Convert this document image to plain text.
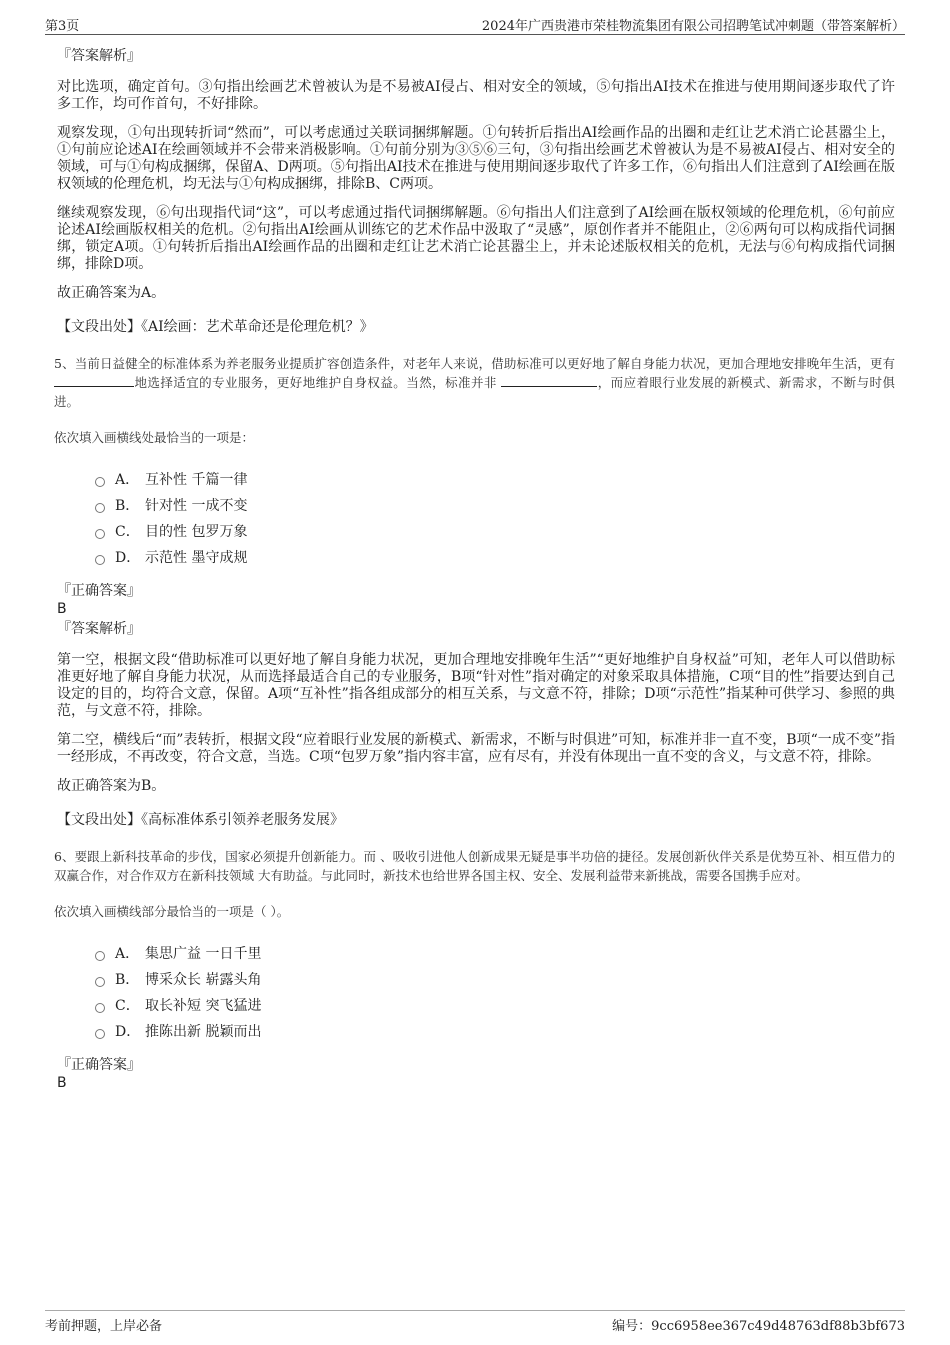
第3页	2024年广西贵港市荣桂物流集团有限公司招聘笔试冲刺题（带答案解析）

『答案解析』

对比选项，确定首句。③句指出绘画艺术曾被认为是不易被AI侵占、相对安全的领域，⑤句指出AI技术在推进与使用期间逐步取代了许多工作，均可作首句，不好排除。

观察发现，①句出现转折词“然而”，可以考虑通过关联词捆绑解题。①句转折后指出AI绘画作品的出圈和走红让艺术消亡论甚嚣尘上，①句前应论述AI在绘画领域并不会带来消极影响。①句前分别为③⑤⑥三句，③句指出绘画艺术曾被认为是不易被AI侵占、相对安全的领域，可与①句构成捆绑，保留A、D两项。⑤句指出AI技术在推进与使用期间逐步取代了许多工作，⑥句指出人们注意到了AI绘画在版权领域的伦理危机，均无法与①句构成捆绑，排除B、C两项。

继续观察发现，⑥句出现指代词“这”，可以考虑通过指代词捆绑解题。⑥句指出人们注意到了AI绘画在版权领域的伦理危机，⑥句前应论述AI绘画版权相关的危机。②句指出AI绘画从训练它的艺术作品中汲取了“灵感”，原创作者并不能阻止，②⑥两句可以构成指代词捆绑，锁定A项。①句转折后指出AI绘画作品的出圈和走红让艺术消亡论甚嚣尘上，并未论述版权相关的危机，无法与⑥句构成指代词捆绑，排除D项。

故正确答案为A。

【文段出处】《AI绘画：艺术革命还是伦理危机？》

5、当前日益健全的标准体系为养老服务业提质扩容创造条件，对老年人来说，借助标准可以更好地了解自身能力状况，更加合理地安排晚年生活，更有 地选择适宜的专业服务，更好地维护自身权益。当然，标准并非	，而应着眼行业发展的新模式、新需求，不断与时俱进。

依次填入画横线处最恰当的一项是：

A． 互补性 千篇一律
B． 针对性 一成不变
C． 目的性 包罗万象
D． 示范性 墨守成规

『正确答案』

B

『答案解析』

第一空，根据文段“借助标准可以更好地了解自身能力状况，更加合理地安排晚年生活”“更好地维护自身权益”可知，老年人可以借助标准更好地了解自身能力状况，从而选择最适合自己的专业服务，B项“针对性”指对确定的对象采取具体措施，C项“目的性”指要达到自己设定的目的，均符合文意，保留。A项“互补性”指各组成部分的相互关系，与文意不符，排除；D项“示范性”指某种可供学习、参照的典范，与文意不符，排除。

第二空，横线后“而”表转折，根据文段“应着眼行业发展的新模式、新需求，不断与时俱进”可知，标准并非一直不变，B项“一成不变”指一经形成，不再改变，符合文意，当选。C项“包罗万象”指内容丰富，应有尽有，并没有体现出一直不变的含义，与文意不符，排除。

故正确答案为B。

【文段出处】《高标准体系引领养老服务发展》

6、要跟上新科技革命的步伐，国家必须提升创新能力。而 、吸收引进他人创新成果无疑是事半功倍的捷径。发展创新伙伴关系是优势互补、相互借力的双赢合作，对合作双方在新科技领域 大有助益。与此同时，新技术也给世界各国主权、安全、发展利益带来新挑战，需要各国携手应对。

依次填入画横线部分最恰当的一项是（ ）。

A． 集思广益 一日千里
B． 博采众长 崭露头角
C． 取长补短 突飞猛进
D． 推陈出新 脱颖而出

『正确答案』

B

考前押题，上岸必备	编号：9cc6958ee367c49d48763df88b3bf673
